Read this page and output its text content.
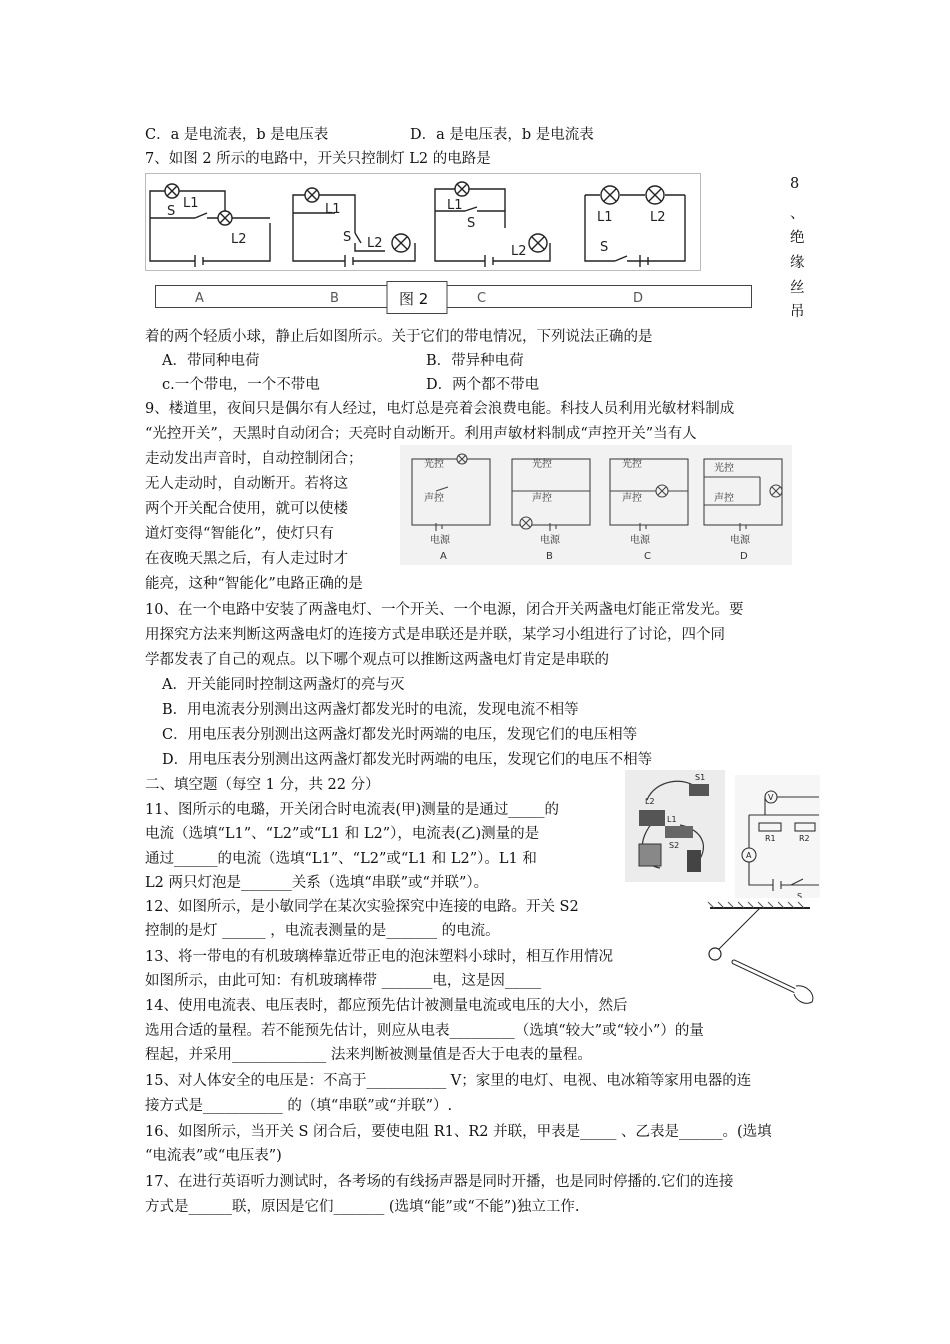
C．a 是电流表，b 是电压表	D．a 是电压表，b 是电流表
7、如图 2 所示的电路中，开关只控制灯 L2 的电路是
8
、
绝
缘
丝
吊
S
L1
L2
L1
S L2
L1
S
L2
L1	L2
S
A	B	C	D
图 2
着的两个轻质小球，静止后如图所示。关于它们的带电情况，下列说法正确的是
A．带同种电荷	B．带异种电荷
c.一个带电，一个不带电	D．两个都不带电
9、楼道里，夜间只是偶尔有人经过，电灯总是亮着会浪费电能。科技人员利用光敏材料制成
“光控开关”，天黑时自动闭合；天亮时自动断开。利用声敏材料制成“声控开关”当有人
走动发出声音时，自动控制闭合；
无人走动时，自动断开。若将这
两个开关配合使用，就可以使楼
道灯变得“智能化”，使灯只有
在夜晚天黑之后，有人走过时才
能亮，这种“智能化”电路正确的是
光控
声控
电源
A
光控
声控
电源
B
光控
声控
电源
C
光控
声控
电源
D
10、在一个电路中安装了两盏电灯、一个开关、一个电源，闭合开关两盏电灯能正常发光。要
用探究方法来判断这两盏电灯的连接方式是串联还是并联，某学习小组进行了讨论，四个同
学都发表了自己的观点。以下哪个观点可以推断这两盏电灯肯定是串联的
A．开关能同时控制这两盏灯的亮与灭
B．用电流表分别测出这两盏灯都发光时的电流，发现电流不相等
C．用电压表分别测出这两盏灯都发光时两端的电压，发现它们的电压相等
D．用电压表分别测出这两盏灯都发光时两端的电压，发现它们的电压不相等
二、填空题（每空 1 分，共 22 分）
L2
S1
L1
S2
V
A
R1	R2
S
11、图所示的电璐，开关闭合时电流表(甲)测量的是通过_____的
电流（选填“L1”、“L2”或“L1 和 L2”），电流表(乙)测量的是
通过______的电流（选填“L1”、“L2”或“L1 和 L2”）。L1 和
L2 两只灯泡是_______关系（选填“串联”或“并联”）。
12、如图所示，是小敏同学在某次实验探究中连接的电路。开关 S2
控制的是灯 ______ ，电流表测量的是_______ 的电流。
13、将一带电的有机玻璃棒靠近带正电的泡沫塑料小球时，相互作用情况
如图所示，由此可知：有机玻璃棒带 _______电，这是因_____
14、使用电流表、电压表时，都应预先估计被测量电流或电压的大小，然后
选用合适的量程。若不能预先估计，则应从电表_________（选填“较大”或“较小”）的量
程起，并采用_____________ 法来判断被测量值是否大于电表的量程。
15、对人体安全的电压是：不高于___________ V；家里的电灯、电视、电冰箱等家用电器的连
接方式是___________ 的（填“串联”或“并联”）.
16、如图所示，当开关 S 闭合后，要使电阻 R1、R2 并联，甲表是_____ 、乙表是______。(选填
“电流表”或“电压表”)
17、在进行英语听力测试时，各考场的有线扬声器是同时开播，也是同时停播的.它们的连接
方式是______联，原因是它们_______ (选填“能”或“不能”)独立工作.
